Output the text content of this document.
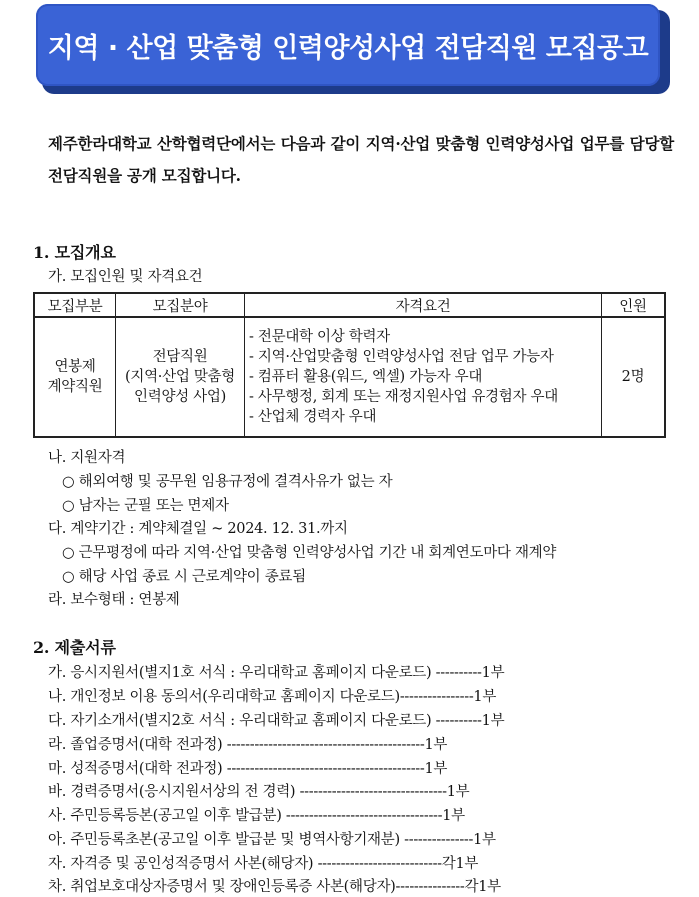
지역 · 산업 맞춤형 인력양성사업 전담직원 모집공고
제주한라대학교 산학협력단에서는 다음과 같이 지역·산업 맞춤형 인력양성사업 업무를 담당할 전담직원을 공개 모집합니다.
1. 모집개요
가. 모집인원 및 자격요건
모집부분	모집분야	자격요건	인원

연봉제
계약직원	전담직원
(지역·산업 맞춤형
인력양성 사업)	- 전문대학 이상 학력자
- 지역·산업맞춤형 인력양성사업 전담 업무 가능자
- 컴퓨터 활용(워드, 엑셀) 가능자 우대
- 사무행정, 회계 또는 재정지원사업 유경험자 우대
- 산업체 경력자 우대	2명
나. 지원자격
○ 해외여행 및 공무원 임용규정에 결격사유가 없는 자
○ 남자는 군필 또는 면제자
다. 계약기간 : 계약체결일 ~ 2024. 12. 31.까지
○ 근무평정에 따라 지역·산업 맞춤형 인력양성사업 기간 내 회계연도마다 재계약
○ 해당 사업 종료 시 근로계약이 종료됨
라. 보수형태 : 연봉제
2. 제출서류
가. 응시지원서(별지1호 서식 : 우리대학교 홈페이지 다운로드) ----------1부
나. 개인정보 이용 동의서(우리대학교 홈페이지 다운로드)----------------1부
다. 자기소개서(별지2호 서식 : 우리대학교 홈페이지 다운로드) ----------1부
라. 졸업증명서(대학 전과정) -------------------------------------------1부
마. 성적증명서(대학 전과정) -------------------------------------------1부
바. 경력증명서(응시지원서상의 전 경력) --------------------------------1부
사. 주민등록등본(공고일 이후 발급분) ----------------------------------1부
아. 주민등록초본(공고일 이후 발급분 및 병역사항기재분) ---------------1부
자. 자격증 및 공인성적증명서 사본(해당자) ---------------------------각1부
차. 취업보호대상자증명서 및 장애인등록증 사본(해당자)---------------각1부
